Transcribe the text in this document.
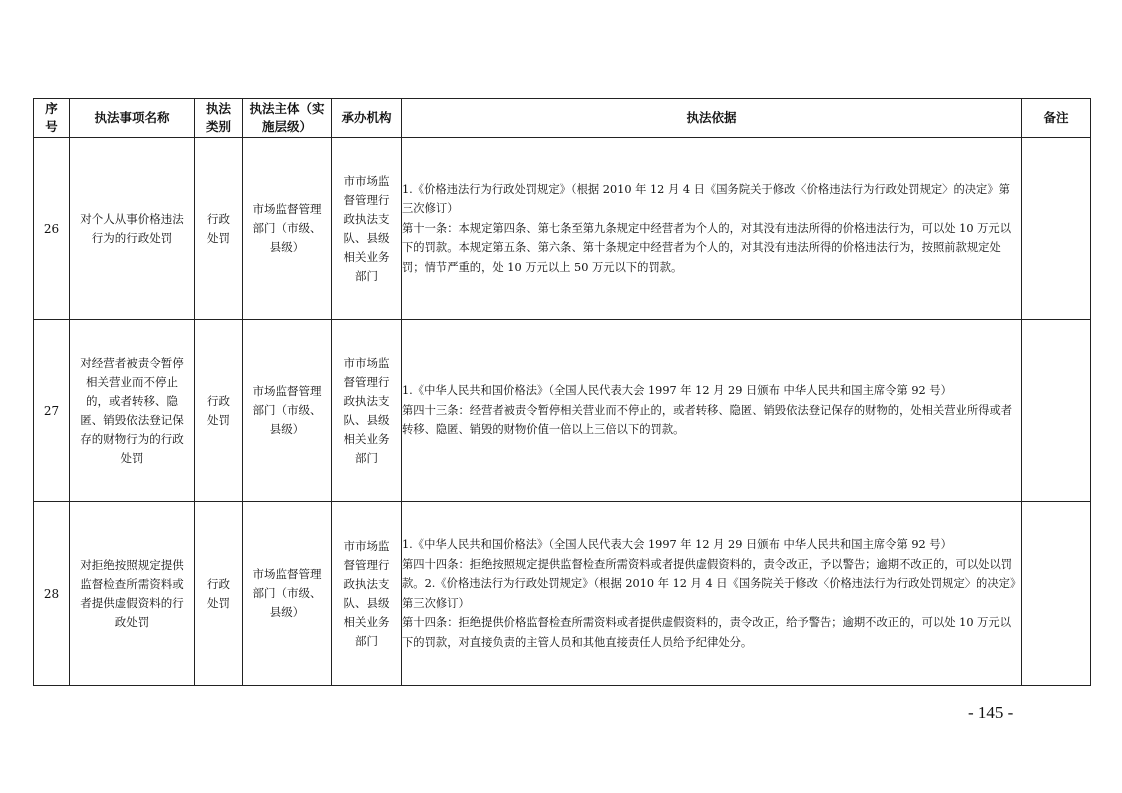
序号	执法事项名称	执法类别	执法主体（实施层级）	承办机构	执法依据	备注
26	对个人从事价格违法行为的行政处罚	行政处罚	市场监督管理部门（市级、县级）	市市场监督管理行政执法支队、县级相关业务部门	1.《价格违法行为行政处罚规定》（根据 2010 年 12 月 4 日《国务院关于修改〈价格违法行为行政处罚规定〉的决定》第三次修订）

第十一条：本规定第四条、第七条至第九条规定中经营者为个人的，对其没有违法所得的价格违法行为，可以处 10 万元以下的罚款。本规定第五条、第六条、第十条规定中经营者为个人的，对其没有违法所得的价格违法行为，按照前款规定处罚；情节严重的，处 10 万元以上 50 万元以下的罚款。	

27	对经营者被责令暂停相关营业而不停止的，或者转移、隐匿、销毁依法登记保存的财物行为的行政处罚	行政处罚	市场监督管理部门（市级、县级）	市市场监督管理行政执法支队、县级相关业务部门	1.《中华人民共和国价格法》（全国人民代表大会 1997 年 12 月 29 日颁布 中华人民共和国主席令第 92 号）

第四十三条：经营者被责令暂停相关营业而不停止的，或者转移、隐匿、销毁依法登记保存的财物的，处相关营业所得或者转移、隐匿、销毁的财物价值一倍以上三倍以下的罚款。	

28	对拒绝按照规定提供监督检查所需资料或者提供虚假资料的行政处罚	行政处罚	市场监督管理部门（市级、县级）	市市场监督管理行政执法支队、县级相关业务部门	1.《中华人民共和国价格法》（全国人民代表大会 1997 年 12 月 29 日颁布 中华人民共和国主席令第 92 号）

第四十四条：拒绝按照规定提供监督检查所需资料或者提供虚假资料的，责令改正，予以警告；逾期不改正的，可以处以罚款。2.《价格违法行为行政处罚规定》（根据 2010 年 12 月 4 日《国务院关于修改〈价格违法行为行政处罚规定〉的决定》第三次修订）

第十四条：拒绝提供价格监督检查所需资料或者提供虚假资料的，责令改正，给予警告；逾期不改正的，可以处 10 万元以下的罚款，对直接负责的主管人员和其他直接责任人员给予纪律处分。	

- 145 -
